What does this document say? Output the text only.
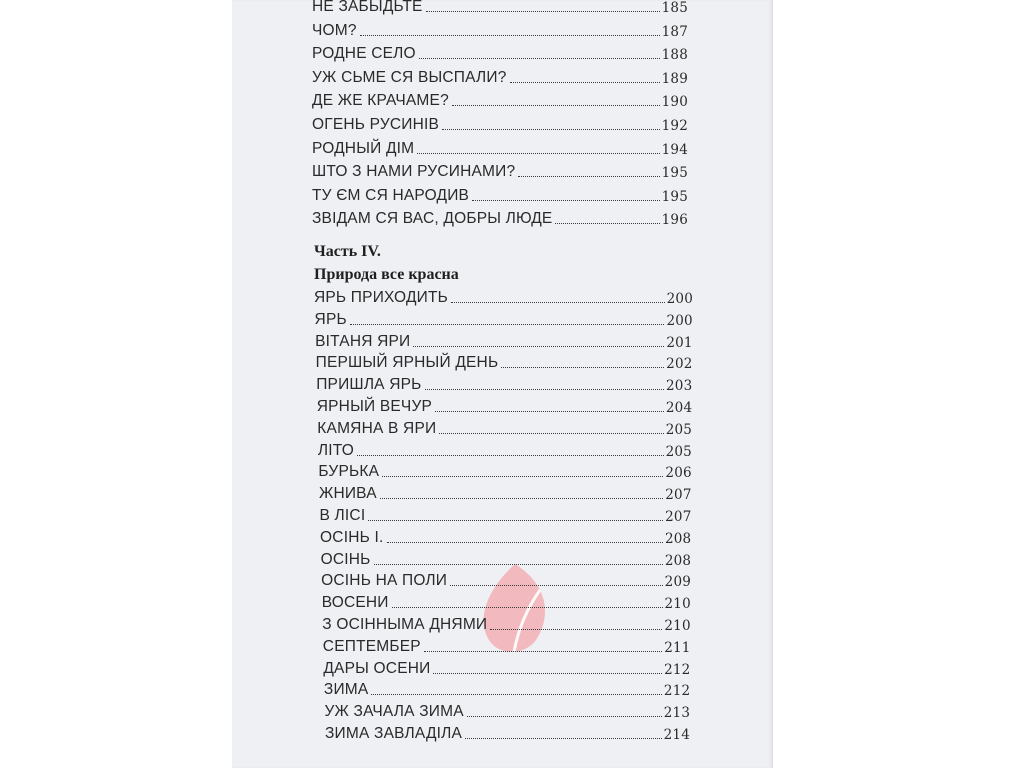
НЕ ЗАБЫДЬТЕ	185
ЧОМ?	187
РОДНЕ СЕЛО	188
УЖ СЬМЕ СЯ ВЫСПАЛИ?	189
ДЕ ЖЕ КРАЧАМЕ?	190
ОГЕНЬ РУСИНІВ	192
РОДНЫЙ ДІМ	194
ШТО З НАМИ РУСИНАМИ?	195
ТУ ЄМ СЯ НАРОДИВ	195
ЗВІДАМ СЯ ВАС, ДОБРЫ ЛЮДЕ	196
Часть IV.
Природа все красна
ЯРЬ ПРИХОДИТЬ	200
ЯРЬ	200
ВІТАНЯ ЯРИ	201
ПЕРШЫЙ ЯРНЫЙ ДЕНЬ	202
ПРИШЛА ЯРЬ	203
ЯРНЫЙ ВЕЧУР	204
КАМЯНА В ЯРИ	205
ЛІТО	205
БУРЬКА	206
ЖНИВА	207
В ЛІСІ	207
ОСІНЬ I.	208
ОСІНЬ	208
ОСІНЬ НА ПОЛИ	209
ВОСЕНИ	210
З ОСІННЫМА ДНЯМИ	210
СЕПТЕМБЕР	211
ДАРЫ ОСЕНИ	212
ЗИМА	212
УЖ ЗАЧАЛА ЗИМА	213
ЗИМА ЗАВЛАДІЛА	214
